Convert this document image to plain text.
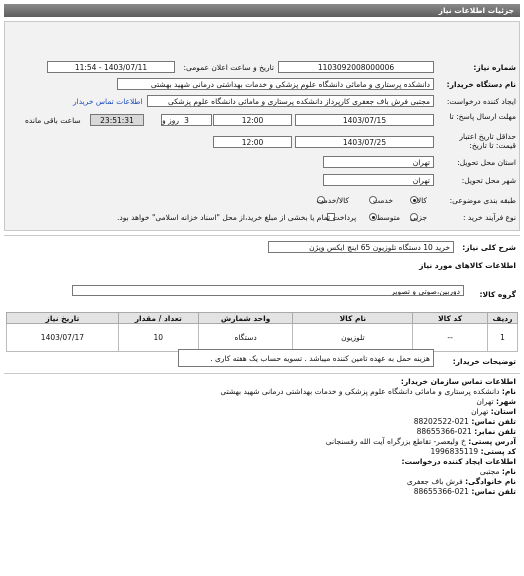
جزئیات اطلاعات نیاز
شماره نیاز:
1103092008000006
تاریخ و ساعت اعلان عمومی:
1403/07/11 - 11:54
نام دستگاه خریدار:
دانشکده پرستاری و مامائی دانشگاه علوم پزشکی و خدمات بهداشتی درمانی شهید بهشتی
ایجاد کننده درخواست:
مجتبی فرش باف جعفری کارپرداز دانشکده پرستاری و مامائی دانشگاه علوم پزشکی
اطلاعات تماس خریدار
مهلت ارسال پاسخ: تا
1403/07/15
12:00
3
روز و
23:51:31
ساعت باقی مانده
حداقل تاریخ اعتبار
قیمت: تا تاریخ:
1403/07/25
12:00
استان محل تحویل:
تهران
شهر محل تحویل:
تهران
طبقه بندی موضوعی:
کالا
خدمت
کالا/خدمت
نوع فرآیند خرید :
جزیی
متوسط
پرداخت تمام یا بخشی از مبلغ خرید،از محل "اسناد خزانه اسلامی" خواهد بود.
شرح کلی نیاز:
خرید 10 دستگاه تلوزیون 65 اینچ ایکس ویژن
اطلاعات کالاهای مورد نیاز
گروه کالا:
دوربین،صوتی و تصویر
ردیف	کد کالا	نام کالا	واحد شمارش	تعداد / مقدار	تاریخ نیاز
1	--	تلوزیون	دستگاه	10	1403/07/17
توضیحات خریدار:
هزینه حمل به عهده تامین کننده میباشد . تسویه حساب یک هفته کاری .
اطلاعات تماس سازمان خریدار:
نام: دانشکده پرستاری و مامائی دانشگاه علوم پزشکی و خدمات بهداشتی درمانی شهید بهشتی
شهر: تهران
استان: تهران
تلفن تماس: 021-88202522
تلفن نمابر: 021-88655366
آدرس پستی: خ ولیعصر- تقاطع بزرگراه آیت الله رفسنجانی
کد پستی: 1996835119
اطلاعات ایجاد کننده درخواست:
نام: مجتبی
نام خانوادگی: فرش باف جعفری
تلفن تماس: 021-88655366
